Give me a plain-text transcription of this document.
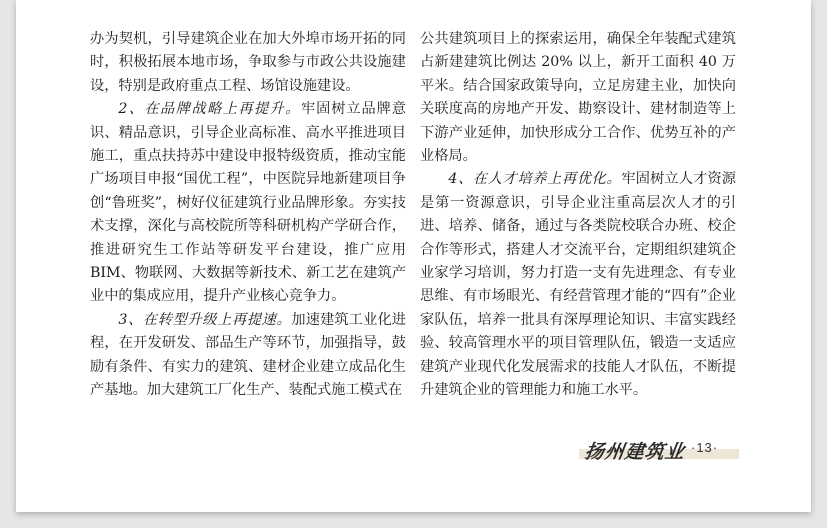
办为契机，引导建筑企业在加大外埠市场开拓的同时，积极拓展本地市场，争取参与市政公共设施建设，特别是政府重点工程、场馆设施建设。

2、在品牌战略上再提升。牢固树立品牌意识、精品意识，引导企业高标准、高水平推进项目施工，重点扶持苏中建设申报特级资质，推动宝能广场项目申报“国优工程”，中医院异地新建项目争创“鲁班奖”，树好仪征建筑行业品牌形象。夯实技术支撑，深化与高校院所等科研机构产学研合作，推进研究生工作站等研发平台建设，推广应用BIM、物联网、大数据等新技术、新工艺在建筑产业中的集成应用，提升产业核心竞争力。

3、在转型升级上再提速。加速建筑工业化进程，在开发研发、部品生产等环节，加强指导，鼓励有条件、有实力的建筑、建材企业建立成品化生产基地。加大建筑工厂化生产、装配式施工模式在

公共建筑项目上的探索运用，确保全年装配式建筑占新建建筑比例达 20% 以上，新开工面积 40 万平米。结合国家政策导向，立足房建主业，加快向关联度高的房地产开发、勘察设计、建材制造等上下游产业延伸，加快形成分工合作、优势互补的产业格局。

4、在人才培养上再优化。牢固树立人才资源是第一资源意识，引导企业注重高层次人才的引进、培养、储备，通过与各类院校联合办班、校企合作等形式，搭建人才交流平台，定期组织建筑企业家学习培训，努力打造一支有先进理念、有专业思维、有市场眼光、有经营管理才能的“四有”企业家队伍，培养一批具有深厚理论知识、丰富实践经验、较高管理水平的项目管理队伍，锻造一支适应建筑产业现代化发展需求的技能人才队伍，不断提升建筑企业的管理能力和施工水平。

扬州建筑业 ·13·
